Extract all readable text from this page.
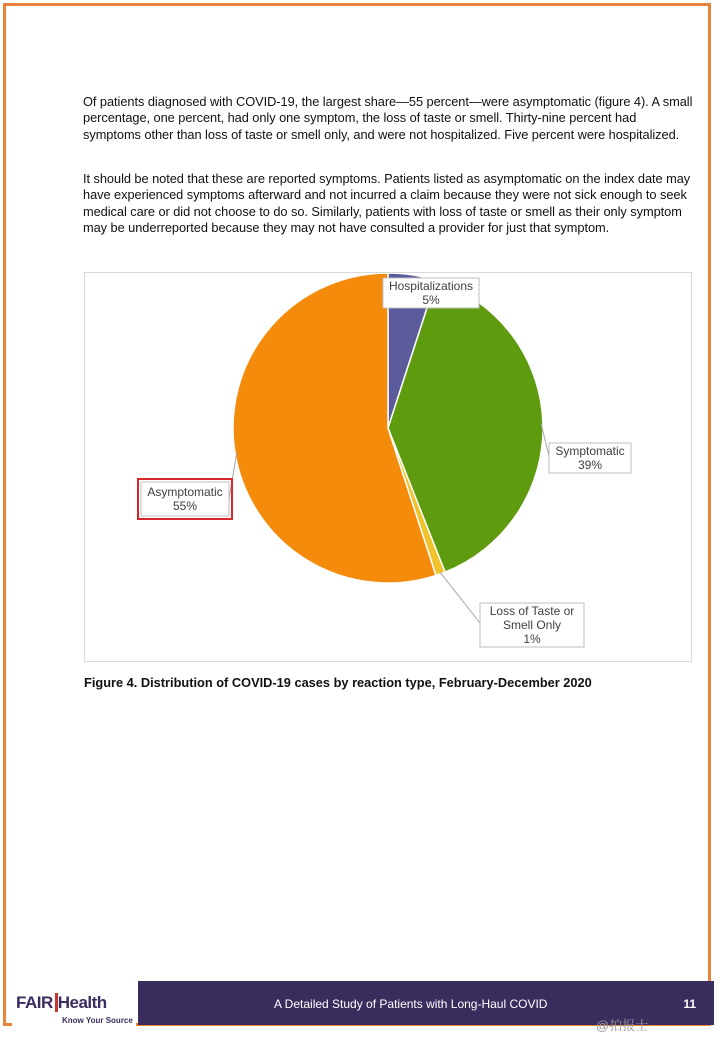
Of patients diagnosed with COVID-19, the largest share—55 percent—were asymptomatic (figure 4). A small percentage, one percent, had only one symptom, the loss of taste or smell. Thirty-nine percent had symptoms other than loss of taste or smell only, and were not hospitalized. Five percent were hospitalized.

It should be noted that these are reported symptoms. Patients listed as asymptomatic on the index date may have experienced symptoms afterward and not incurred a claim because they were not sick enough to seek medical care or did not choose to do so. Similarly, patients with loss of taste or smell as their only symptom may be underreported because they may not have consulted a provider for just that symptom.

Hospitalizations
5%
Symptomatic
39%
Loss of Taste or
Smell Only
1%
Asymptomatic
55%

Figure 4. Distribution of COVID-19 cases by reaction type, February-December 2020

FAIR Health
Know Your Source
A Detailed Study of Patients with Long-Haul COVID	11
@拍报士
